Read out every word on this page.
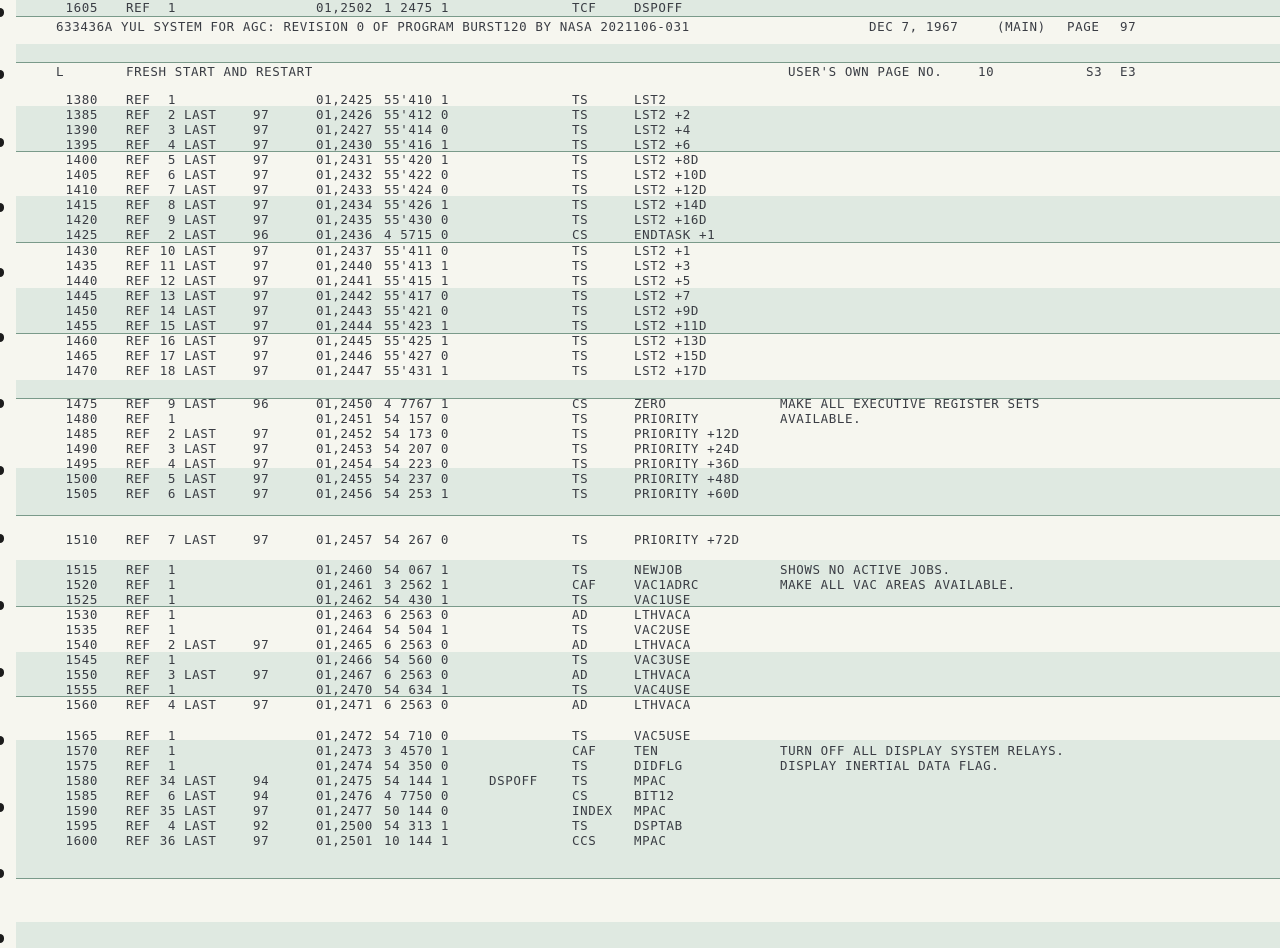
633436A YUL SYSTEM FOR AGC: REVISION 0 OF PROGRAM BURST120 BY NASA 2021106-031	DEC 7, 1967	(MAIN) PAGE 97
L	FRESH START AND RESTART	USER'S OWN PAGE NO.	10	S3 E3
1380 REF	1	01,2425 55'410 1	TS	LST2
1385 REF	2 LAST	97	01,2426 55'412 0	TS	LST2 +2
1390 REF	3 LAST	97	01,2427 55'414 0	TS	LST2 +4
1395 REF	4 LAST	97	01,2430 55'416 1	TS	LST2 +6
1400 REF	5 LAST	97	01,2431 55'420 1	TS	LST2 +8D
1405 REF	6 LAST	97	01,2432 55'422 0	TS	LST2 +10D
1410 REF	7 LAST	97	01,2433 55'424 0	TS	LST2 +12D
1415 REF	8 LAST	97	01,2434 55'426 1	TS	LST2 +14D
1420 REF	9 LAST	97	01,2435 55'430 0	TS	LST2 +16D
1425 REF	2 LAST	96	01,2436 4 5715 0	CS	ENDTASK +1
1430 REF 10 LAST	97	01,2437 55'411 0	TS	LST2 +1
1435 REF 11 LAST	97	01,2440 55'413 1	TS	LST2 +3
1440 REF 12 LAST	97	01,2441 55'415 1	TS	LST2 +5
1445 REF 13 LAST	97	01,2442 55'417 0	TS	LST2 +7
1450 REF 14 LAST	97	01,2443 55'421 0	TS	LST2 +9D
1455 REF 15 LAST	97	01,2444 55'423 1	TS	LST2 +11D
1460 REF 16 LAST	97	01,2445 55'425 1	TS	LST2 +13D
1465 REF 17 LAST	97	01,2446 55'427 0	TS	LST2 +15D
1470 REF 18 LAST	97	01,2447 55'431 1	TS	LST2 +17D
1475 REF	9 LAST	96	01,2450 4 7767 1	CS	ZERO	MAKE ALL EXECUTIVE REGISTER SETS
1480 REF	1	01,2451 54 157 0	TS	PRIORITY	AVAILABLE.
1485 REF	2 LAST	97	01,2452 54 173 0	TS	PRIORITY +12D
1490 REF	3 LAST	97	01,2453 54 207 0	TS	PRIORITY +24D
1495 REF	4 LAST	97	01,2454 54 223 0	TS	PRIORITY +36D
1500 REF	5 LAST	97	01,2455 54 237 0	TS	PRIORITY +48D
1505 REF	6 LAST	97	01,2456 54 253 1	TS	PRIORITY +60D
1510 REF	7 LAST	97	01,2457 54 267 0	TS	PRIORITY +72D
1515 REF	1	01,2460 54 067 1	TS	NEWJOB	SHOWS NO ACTIVE JOBS.
1520 REF	1	01,2461 3 2562 1	CAF	VAC1ADRC	MAKE ALL VAC AREAS AVAILABLE.
1525 REF	1	01,2462 54 430 1	TS	VAC1USE
1530 REF	1	01,2463 6 2563 0	AD	LTHVACA
1535 REF	1	01,2464 54 504 1	TS	VAC2USE
1540 REF	2 LAST	97	01,2465 6 2563 0	AD	LTHVACA
1545 REF	1	01,2466 54 560 0	TS	VAC3USE
1550 REF	3 LAST	97	01,2467 6 2563 0	AD	LTHVACA
1555 REF	1	01,2470 54 634 1	TS	VAC4USE
1560 REF	4 LAST	97	01,2471 6 2563 0	AD	LTHVACA
1565 REF	1	01,2472 54 710 0	TS	VAC5USE
1570 REF	1	01,2473 3 4570 1	CAF	TEN	TURN OFF ALL DISPLAY SYSTEM RELAYS.
1575 REF	1	01,2474 54 350 0	TS	DIDFLG	DISPLAY INERTIAL DATA FLAG.
1580 REF 34 LAST	94	01,2475 54 144 1	DSPOFF	TS	MPAC
1585 REF	6 LAST	94	01,2476 4 7750 0	CS	BIT12
1590 REF 35 LAST	97	01,2477 50 144 0	INDEX MPAC
1595 REF	4 LAST	92	01,2500 54 313 1	TS	DSPTAB
1600 REF 36 LAST	97	01,2501 10 144 1	CCS	MPAC
1605 REF	1	01,2502 1 2475 1	TCF	DSPOFF
